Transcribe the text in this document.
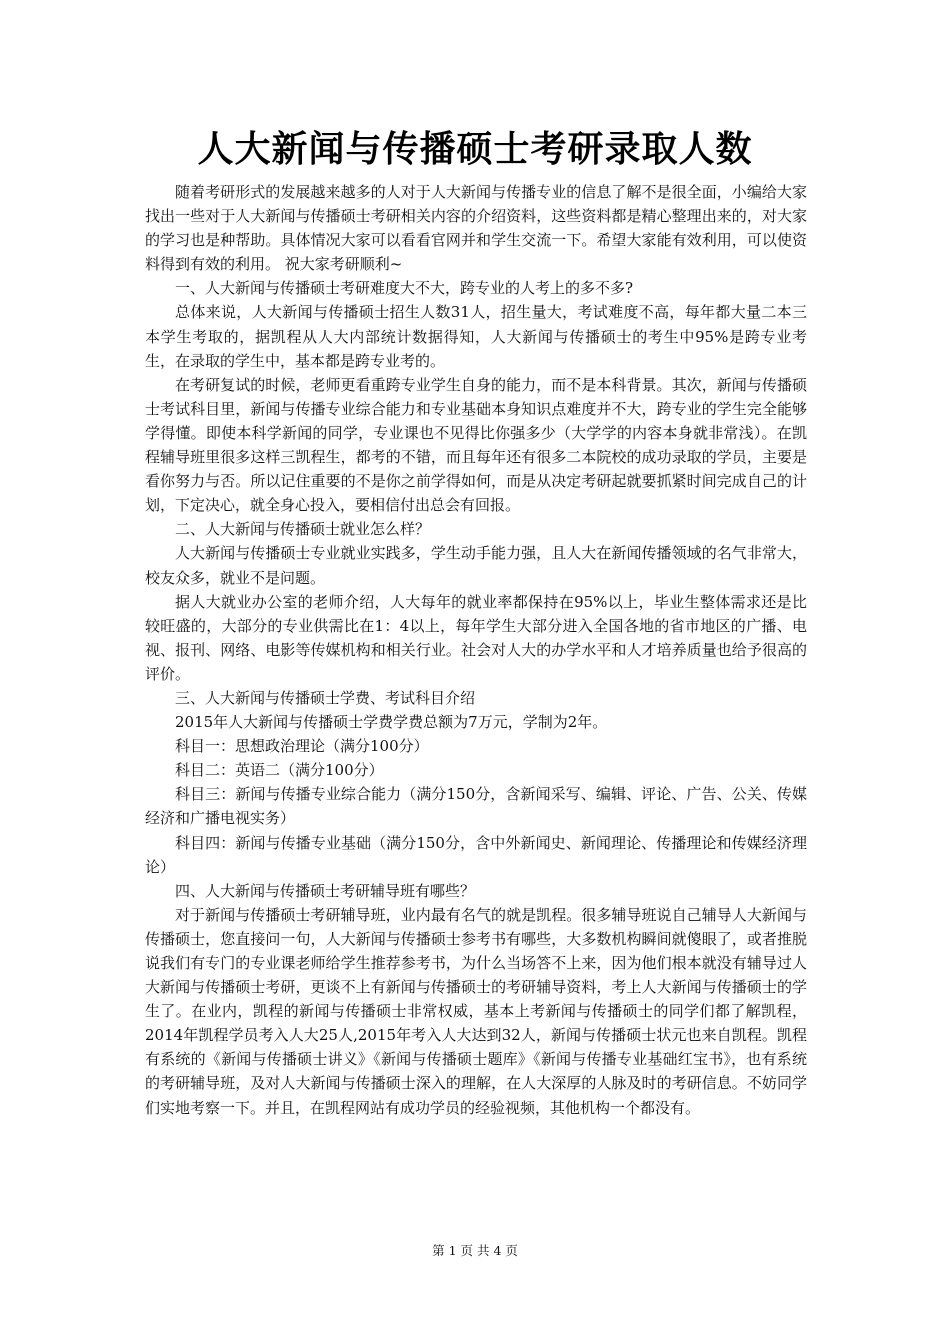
人大新闻与传播硕士考研录取人数

随着考研形式的发展越来越多的人对于人大新闻与传播专业的信息了解不是很全面，小编给大家找出一些对于人大新闻与传播硕士考研相关内容的介绍资料，这些资料都是精心整理出来的，对大家的学习也是种帮助。具体情况大家可以看看官网并和学生交流一下。希望大家能有效利用，可以使资料得到有效的利用。 祝大家考研顺利~

一、人大新闻与传播硕士考研难度大不大，跨专业的人考上的多不多?

总体来说，人大新闻与传播硕士招生人数31人，招生量大，考试难度不高，每年都大量二本三本学生考取的，据凯程从人大内部统计数据得知，人大新闻与传播硕士的考生中95%是跨专业考生，在录取的学生中，基本都是跨专业考的。

在考研复试的时候，老师更看重跨专业学生自身的能力，而不是本科背景。其次，新闻与传播硕士考试科目里，新闻与传播专业综合能力和专业基础本身知识点难度并不大，跨专业的学生完全能够学得懂。即使本科学新闻的同学，专业课也不见得比你强多少（大学学的内容本身就非常浅）。在凯程辅导班里很多这样三凯程生，都考的不错，而且每年还有很多二本院校的成功录取的学员，主要是看你努力与否。所以记住重要的不是你之前学得如何，而是从决定考研起就要抓紧时间完成自己的计划，下定决心，就全身心投入，要相信付出总会有回报。

二、人大新闻与传播硕士就业怎么样？

人大新闻与传播硕士专业就业实践多，学生动手能力强，且人大在新闻传播领域的名气非常大，校友众多，就业不是问题。

据人大就业办公室的老师介绍，人大每年的就业率都保持在95%以上，毕业生整体需求还是比较旺盛的，大部分的专业供需比在1：4以上，每年学生大部分进入全国各地的省市地区的广播、电视、报刊、网络、电影等传媒机构和相关行业。社会对人大的办学水平和人才培养质量也给予很高的评价。

三、人大新闻与传播硕士学费、考试科目介绍

2015年人大新闻与传播硕士学费学费总额为7万元，学制为2年。

科目一：思想政治理论（满分100分）

科目二：英语二（满分100分）

科目三：新闻与传播专业综合能力（满分150分，含新闻采写、编辑、评论、广告、公关、传媒经济和广播电视实务）

科目四：新闻与传播专业基础（满分150分，含中外新闻史、新闻理论、传播理论和传媒经济理论）

四、人大新闻与传播硕士考研辅导班有哪些？

对于新闻与传播硕士考研辅导班，业内最有名气的就是凯程。很多辅导班说自己辅导人大新闻与传播硕士，您直接问一句，人大新闻与传播硕士参考书有哪些，大多数机构瞬间就傻眼了，或者推脱说我们有专门的专业课老师给学生推荐参考书，为什么当场答不上来，因为他们根本就没有辅导过人大新闻与传播硕士考研，更谈不上有新闻与传播硕士的考研辅导资料，考上人大新闻与传播硕士的学生了。在业内，凯程的新闻与传播硕士非常权威，基本上考新闻与传播硕士的同学们都了解凯程，2014年凯程学员考入人大25人,2015年考入人大达到32人，新闻与传播硕士状元也来自凯程。凯程有系统的《新闻与传播硕士讲义》《新闻与传播硕士题库》《新闻与传播专业基础红宝书》，也有系统的考研辅导班，及对人大新闻与传播硕士深入的理解，在人大深厚的人脉及时的考研信息。不妨同学们实地考察一下。并且，在凯程网站有成功学员的经验视频，其他机构一个都没有。

第 1 页 共 4 页
